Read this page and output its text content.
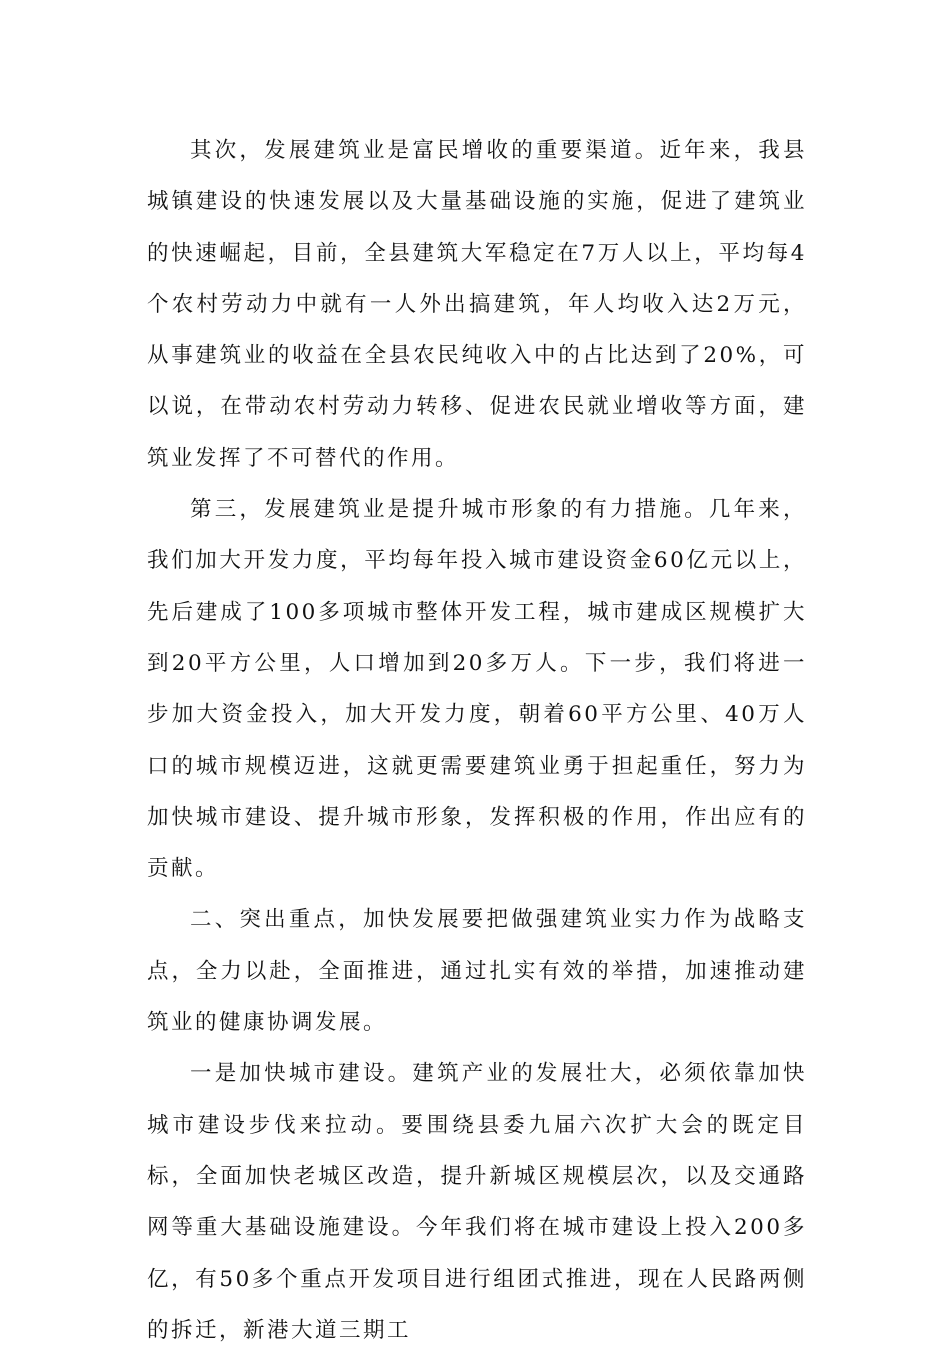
其次，发展建筑业是富民增收的重要渠道。近年来，我县城镇建设的快速发展以及大量基础设施的实施，促进了建筑业的快速崛起，目前，全县建筑大军稳定在7万人以上，平均每4个农村劳动力中就有一人外出搞建筑，年人均收入达2万元，从事建筑业的收益在全县农民纯收入中的占比达到了20%，可以说，在带动农村劳动力转移、促进农民就业增收等方面，建筑业发挥了不可替代的作用。

第三，发展建筑业是提升城市形象的有力措施。几年来，我们加大开发力度，平均每年投入城市建设资金60亿元以上，先后建成了100多项城市整体开发工程，城市建成区规模扩大到20平方公里，人口增加到20多万人。下一步，我们将进一步加大资金投入，加大开发力度，朝着60平方公里、40万人口的城市规模迈进，这就更需要建筑业勇于担起重任，努力为加快城市建设、提升城市形象，发挥积极的作用，作出应有的贡献。

二、突出重点，加快发展要把做强建筑业实力作为战略支点，全力以赴，全面推进，通过扎实有效的举措，加速推动建筑业的健康协调发展。

一是加快城市建设。建筑产业的发展壮大，必须依靠加快城市建设步伐来拉动。要围绕县委九届六次扩大会的既定目标，全面加快老城区改造，提升新城区规模层次，以及交通路网等重大基础设施建设。今年我们将在城市建设上投入200多亿，有50多个重点开发项目进行组团式推进，现在人民路两侧的拆迁，新港大道三期工
